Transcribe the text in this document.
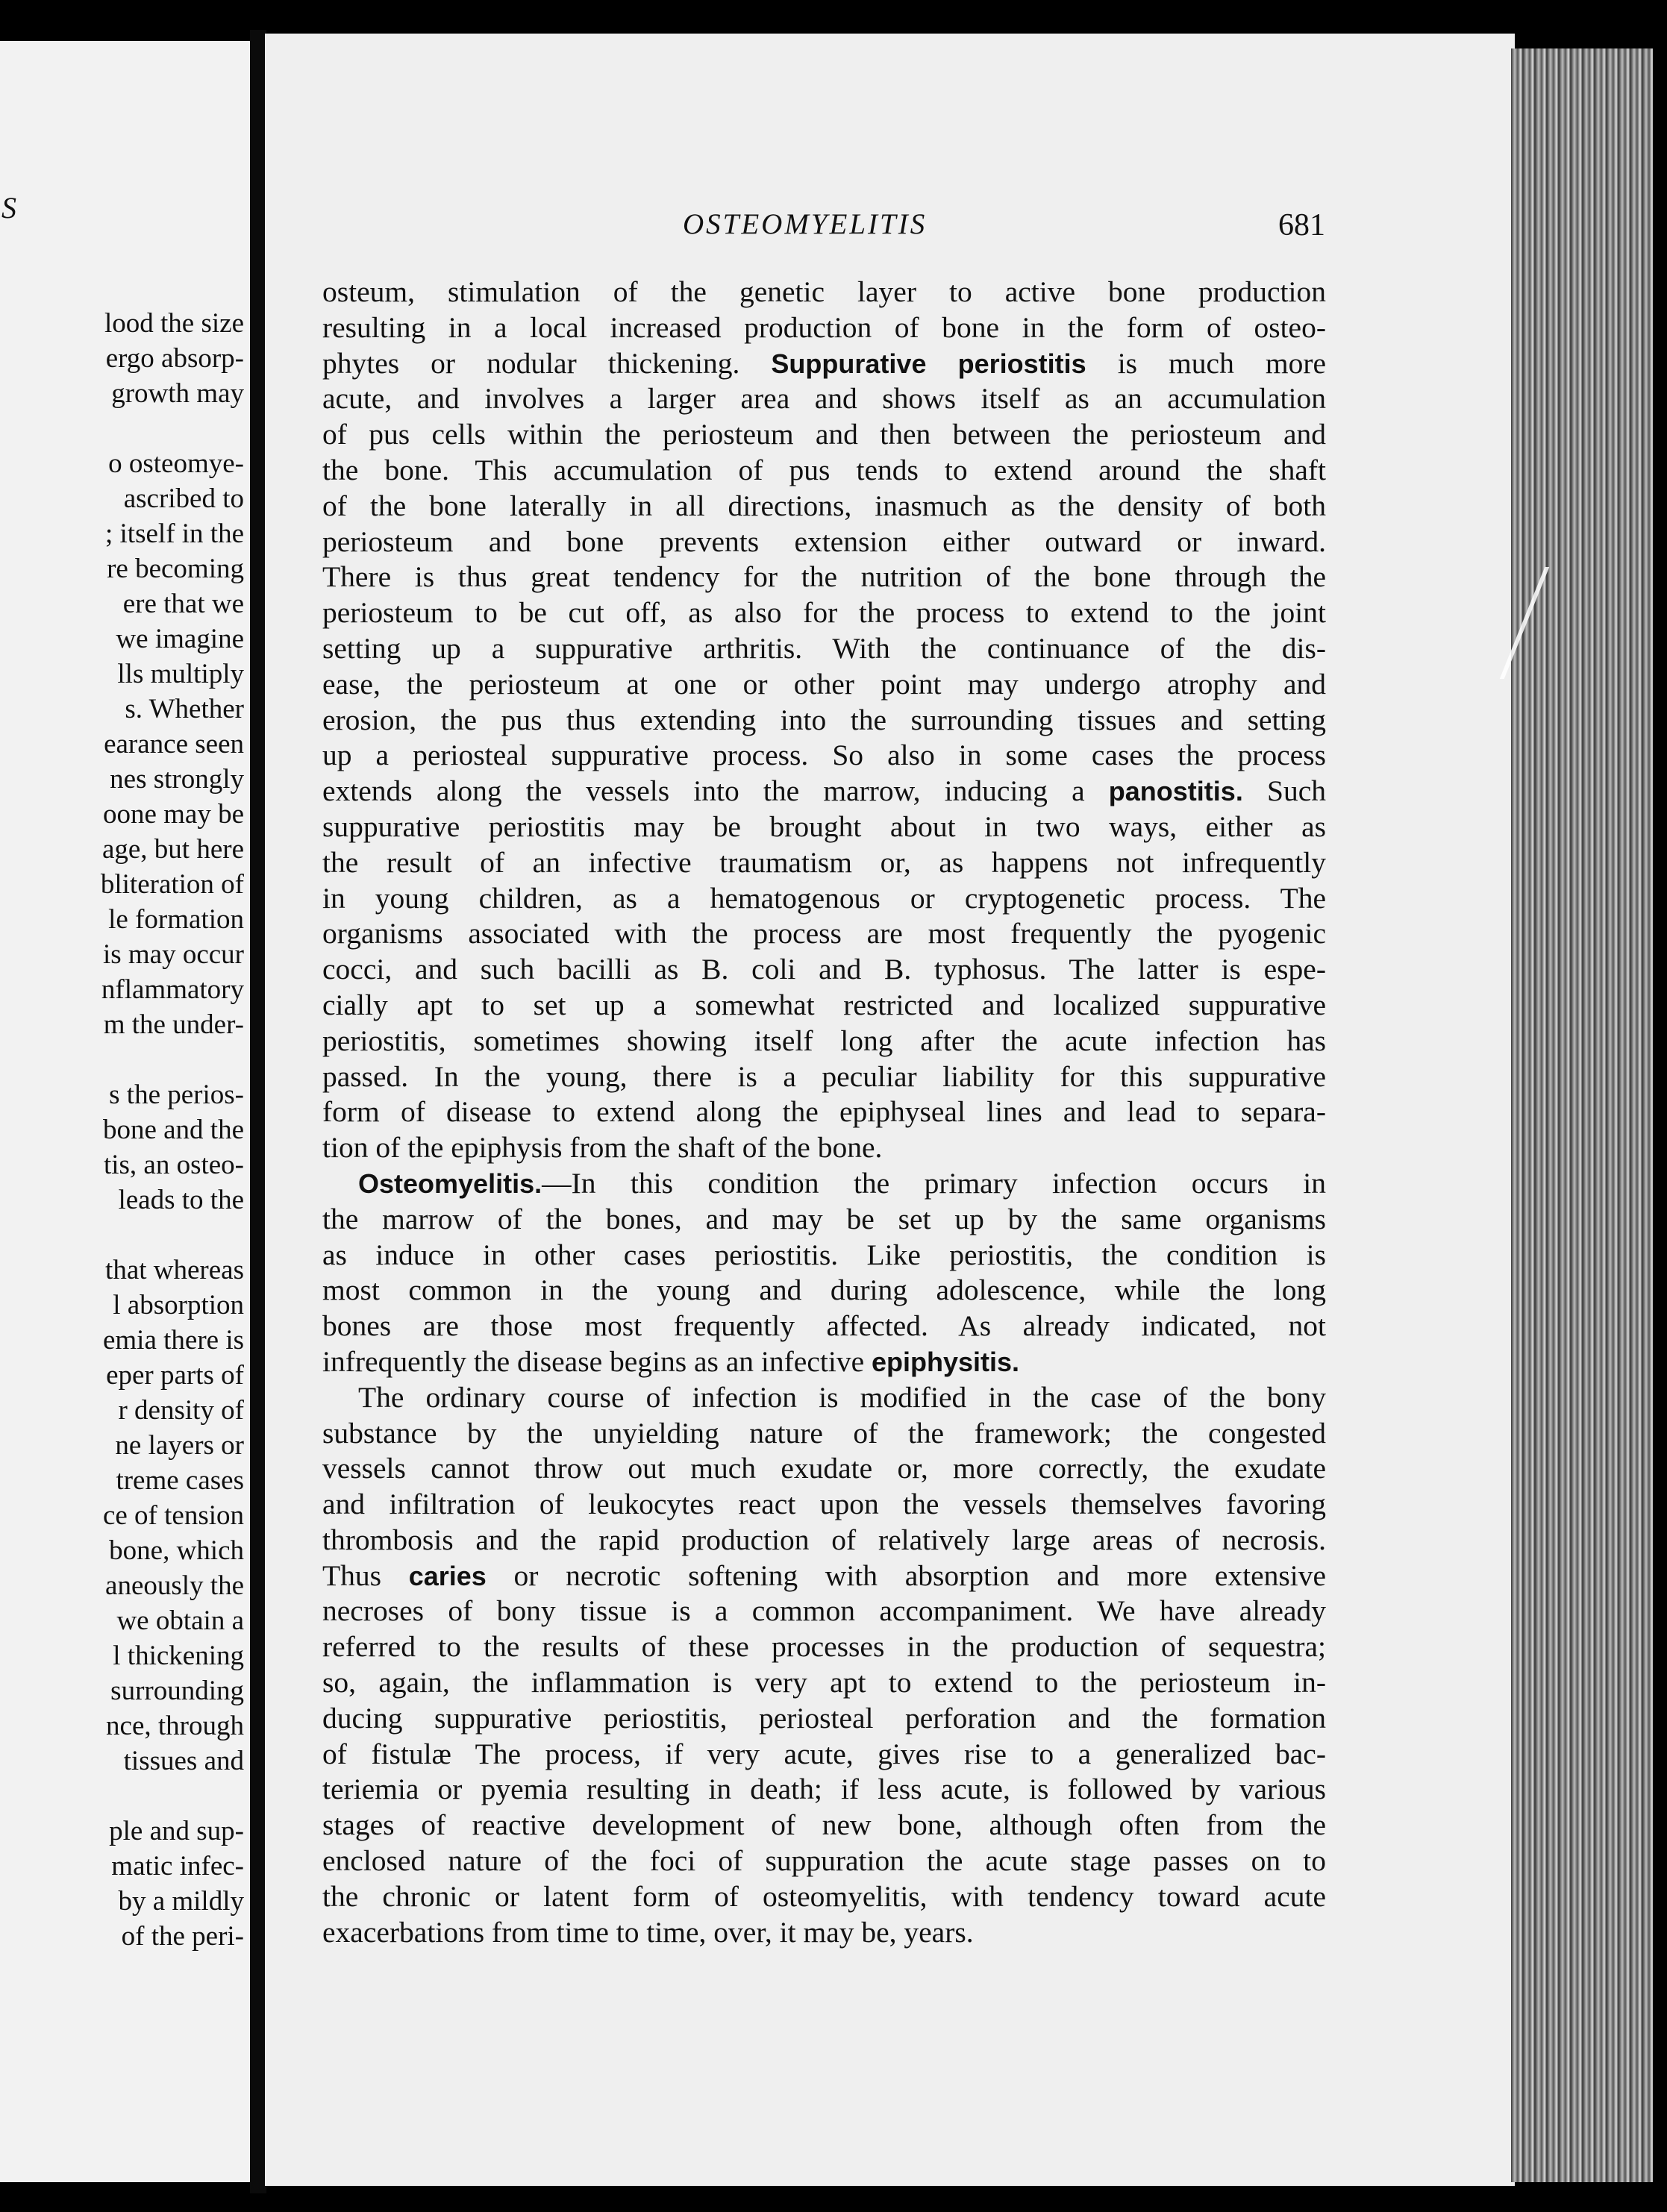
S
lood the size
ergo absorp-
growth may
o osteomye-
ascribed to
; itself in the
re becoming
ere that we
we imagine
lls multiply
s. Whether
earance seen
nes strongly
oone may be
age, but here
bliteration of
le formation
is may occur
nflammatory
m the under-
s the perios-
bone and the
tis, an osteo-
leads to the
that whereas
l absorption
emia there is
eper parts of
r density of
ne layers or
treme cases
ce of tension
bone, which
aneously the
we obtain a
l thickening
surrounding
nce, through
tissues and
ple and sup-
matic infec-
by a mildly
of the peri-
OSTEOMYELITIS	681
osteum, stimulation of the genetic layer to active bone production
resulting in a local increased production of bone in the form of osteo-
phytes or nodular thickening. Suppurative periostitis is much more
acute, and involves a larger area and shows itself as an accumulation
of pus cells within the periosteum and then between the periosteum and
the bone. This accumulation of pus tends to extend around the shaft
of the bone laterally in all directions, inasmuch as the density of both
periosteum and bone prevents extension either outward or inward.
There is thus great tendency for the nutrition of the bone through the
periosteum to be cut off, as also for the process to extend to the joint
setting up a suppurative arthritis. With the continuance of the dis-
ease, the periosteum at one or other point may undergo atrophy and
erosion, the pus thus extending into the surrounding tissues and setting
up a periosteal suppurative process. So also in some cases the process
extends along the vessels into the marrow, inducing a panostitis. Such
suppurative periostitis may be brought about in two ways, either as
the result of an infective traumatism or, as happens not infrequently
in young children, as a hematogenous or cryptogenetic process. The
organisms associated with the process are most frequently the pyogenic
cocci, and such bacilli as B. coli and B. typhosus. The latter is espe-
cially apt to set up a somewhat restricted and localized suppurative
periostitis, sometimes showing itself long after the acute infection has
passed. In the young, there is a peculiar liability for this suppurative
form of disease to extend along the epiphyseal lines and lead to separa-
tion of the epiphysis from the shaft of the bone.
Osteomyelitis.—In this condition the primary infection occurs in
the marrow of the bones, and may be set up by the same organisms
as induce in other cases periostitis. Like periostitis, the condition is
most common in the young and during adolescence, while the long
bones are those most frequently affected. As already indicated, not
infrequently the disease begins as an infective epiphysitis.
The ordinary course of infection is modified in the case of the bony
substance by the unyielding nature of the framework; the congested
vessels cannot throw out much exudate or, more correctly, the exudate
and infiltration of leukocytes react upon the vessels themselves favoring
thrombosis and the rapid production of relatively large areas of necrosis.
Thus caries or necrotic softening with absorption and more extensive
necroses of bony tissue is a common accompaniment. We have already
referred to the results of these processes in the production of sequestra;
so, again, the inflammation is very apt to extend to the periosteum in-
ducing suppurative periostitis, periosteal perforation and the formation
of fistulæ The process, if very acute, gives rise to a generalized bac-
teriemia or pyemia resulting in death; if less acute, is followed by various
stages of reactive development of new bone, although often from the
enclosed nature of the foci of suppuration the acute stage passes on to
the chronic or latent form of osteomyelitis, with tendency toward acute
exacerbations from time to time, over, it may be, years.
